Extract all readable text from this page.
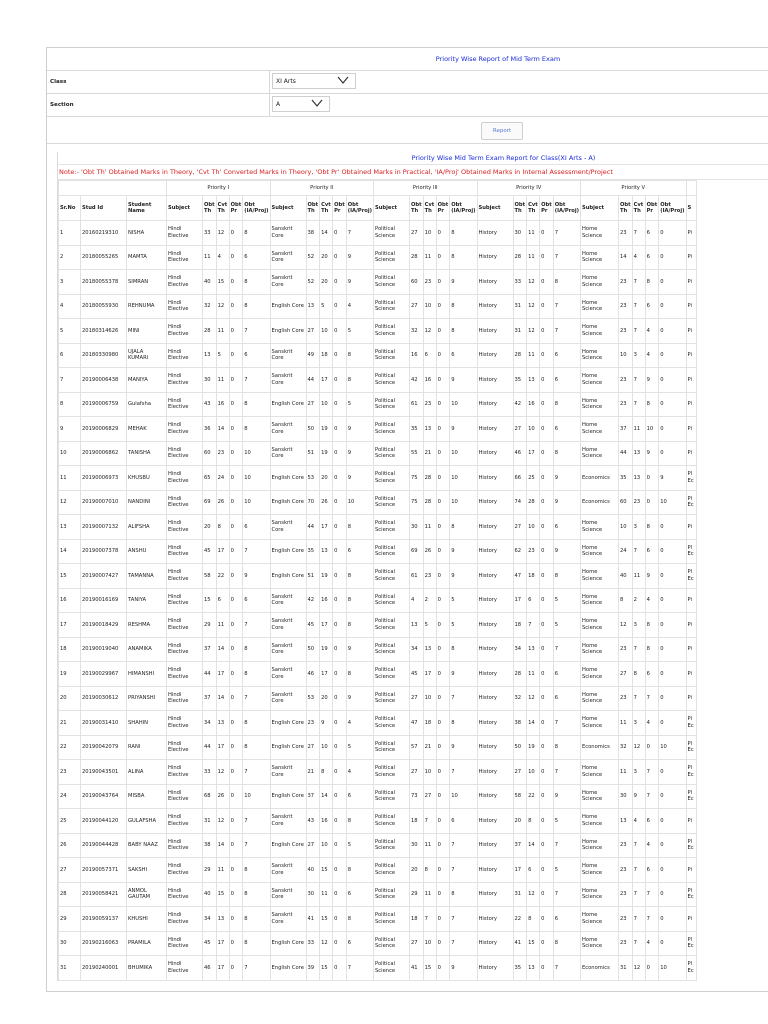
Priority Wise Report of Mid Term Exam
Class	XI Arts
Section	A
Report
Priority Wise Mid Term Exam Report for Class(XI Arts - A)
Note:- 'Obt Th' Obtained Marks in Theory, 'Cvt Th' Converted Marks in Theory, 'Obt Pr' Obtained Marks in Practical, 'IA/Proj' Obtained Marks in Internal Assessment/Project
			Priority I					Priority II					Priority III					Priority IV					Priority V					
Sr.No	Stud Id	Student Name	Subject	Obt Th	Cvt Th	Obt Pr	Obt (IA/Proj)	Subject	Obt Th	Cvt Th	Obt Pr	Obt (IA/Proj)	Subject	Obt Th	Cvt Th	Obt Pr	Obt (IA/Proj)	Subject	Obt Th	Cvt Th	Obt Pr	Obt (IA/Proj)	Subject	Obt Th	Cvt Th	Obt Pr	Obt (IA/Proj)	S
1	20160219310	NISHA	Hindi Elective	33	12	0	8	Sanskrit Core	38	14	0	7	Political Science	27	10	0	8	History	30	11	0	7	Home Science	23	7	6	0	Pi
2	20180055265	MAMTA	Hindi Elective	11	4	0	6	Sanskrit Core	52	20	0	9	Political Science	28	11	0	8	History	28	11	0	7	Home Science	14	4	6	0	Pi
3	20180055378	SIMRAN	Hindi Elective	40	15	0	8	Sanskrit Core	52	20	0	9	Political Science	60	23	0	9	History	33	12	0	8	Home Science	23	7	8	0	Pi
4	20180055930	REHNUMA	Hindi Elective	32	12	0	8	English Core	13	5	0	4	Political Science	27	10	0	8	History	31	12	0	7	Home Science	23	7	6	0	Pi
5	20180314626	MINI	Hindi Elective	28	11	0	7	English Core	27	10	0	5	Political Science	32	12	0	8	History	31	12	0	7	Home Science	23	7	4	0	Pi
6	20180330980	UJALA KUMARI	Hindi Elective	13	5	0	6	Sanskrit Core	49	18	0	8	Political Science	16	6	0	6	History	28	11	0	6	Home Science	10	3	4	0	Pi
7	20190006438	MANIYA	Hindi Elective	30	11	0	7	Sanskrit Core	44	17	0	8	Political Science	42	16	0	9	History	35	13	0	6	Home Science	23	7	9	0	Pi
8	20190006759	Gulafsha	Hindi Elective	43	16	0	8	English Core	27	10	0	5	Political Science	61	23	0	10	History	42	16	0	8	Home Science	23	7	8	0	Pi
9	20190006829	MEHAK	Hindi Elective	36	14	0	8	Sanskrit Core	50	19	0	9	Political Science	35	13	0	9	History	27	10	0	6	Home Science	37	11	10	0	Pi
10	20190006862	TANISHA	Hindi Elective	60	23	0	10	Sanskrit Core	51	19	0	9	Political Science	55	21	0	10	History	46	17	0	8	Home Science	44	13	9	0	Pi
11	20190006973	KHUSBU	Hindi Elective	65	24	0	10	English Core	53	20	0	9	Political Science	75	28	0	10	History	66	25	0	9	Economics	35	13	0	9	Pl Ec
12	20190007010	NANDINI	Hindi Elective	69	26	0	10	English Core	70	26	0	10	Political Science	75	28	0	10	History	74	28	0	9	Economics	60	23	0	10	Pl Ec
13	20190007132	ALIFSHA	Hindi Elective	20	8	0	6	Sanskrit Core	44	17	0	8	Political Science	30	11	0	8	History	27	10	0	6	Home Science	10	3	8	0	Pi
14	20190007378	ANSHU	Hindi Elective	45	17	0	7	English Core	35	13	0	6	Political Science	69	26	0	9	History	62	23	0	9	Home Science	24	7	6	0	Pl Ec
15	20190007427	TAMANNA	Hindi Elective	58	22	0	9	English Core	51	19	0	8	Political Science	61	23	0	9	History	47	18	0	8	Home Science	40	11	9	0	Pl Ec
16	20190016169	TANIYA	Hindi Elective	15	6	0	6	Sanskrit Core	42	16	0	8	Political Science	4	2	0	5	History	17	6	0	5	Home Science	8	2	4	0	Pi
17	20190018429	RESHMA	Hindi Elective	29	11	0	7	Sanskrit Core	45	17	0	8	Political Science	13	5	0	5	History	18	7	0	5	Home Science	12	3	8	0	Pi
18	20190019040	ANAMIKA	Hindi Elective	37	14	0	8	Sanskrit Core	50	19	0	9	Political Science	34	13	0	8	History	34	13	0	7	Home Science	23	7	8	0	Pi
19	20190029967	HIMANSHI	Hindi Elective	44	17	0	8	Sanskrit Core	46	17	0	8	Political Science	45	17	0	9	History	28	11	0	6	Home Science	27	8	6	0	Pi
20	20190030612	PRIYANSHI	Hindi Elective	37	14	0	7	Sanskrit Core	53	20	0	9	Political Science	27	10	0	7	History	32	12	0	6	Home Science	23	7	7	0	Pi
21	20190031410	SHAHIN	Hindi Elective	34	13	0	8	English Core	23	9	0	4	Political Science	47	18	0	8	History	38	14	0	7	Home Science	11	3	4	0	Pl Ec
22	20190042079	RANI	Hindi Elective	44	17	0	8	English Core	27	10	0	5	Political Science	57	21	0	9	History	50	19	0	8	Economics	32	12	0	10	Pl Ec
23	20190043501	ALINA	Hindi Elective	33	12	0	7	Sanskrit Core	21	8	0	4	Political Science	27	10	0	7	History	27	10	0	7	Home Science	11	3	7	0	Pl Ec
24	20190043764	MISBA	Hindi Elective	68	26	0	10	English Core	37	14	0	6	Political Science	73	27	0	10	History	58	22	0	9	Home Science	30	9	7	0	Pl Ec
25	20190044120	GULAFSHA	Hindi Elective	31	12	0	7	Sanskrit Core	43	16	0	8	Political Science	18	7	0	6	History	20	8	0	5	Home Science	13	4	6	0	Pi
26	20190044428	BABY NAAZ	Hindi Elective	38	14	0	7	English Core	27	10	0	5	Political Science	30	11	0	7	History	37	14	0	7	Home Science	23	7	4	0	Pl Ec
27	20190057371	SAKSHI	Hindi Elective	29	11	0	8	Sanskrit Core	40	15	0	8	Political Science	20	8	0	7	History	17	6	0	5	Home Science	23	7	6	0	Pi
28	20190058421	ANMOL GAUTAM	Hindi Elective	40	15	0	8	Sanskrit Core	30	11	0	6	Political Science	29	11	0	8	History	31	12	0	7	Home Science	23	7	7	0	Pl Ec
29	20190059137	KHUSHI	Hindi Elective	34	13	0	8	Sanskrit Core	41	15	0	8	Political Science	18	7	0	7	History	22	8	0	6	Home Science	23	7	7	0	Pi
30	20190216063	PRAMILA	Hindi Elective	45	17	0	8	English Core	33	12	0	6	Political Science	27	10	0	7	History	41	15	0	8	Home Science	23	7	4	0	Pl Ec
31	20190240001	BHUMIKA	Hindi Elective	46	17	0	7	English Core	39	15	0	7	Political Science	41	15	0	9	History	35	13	0	7	Economics	31	12	0	10	Pl Ec
